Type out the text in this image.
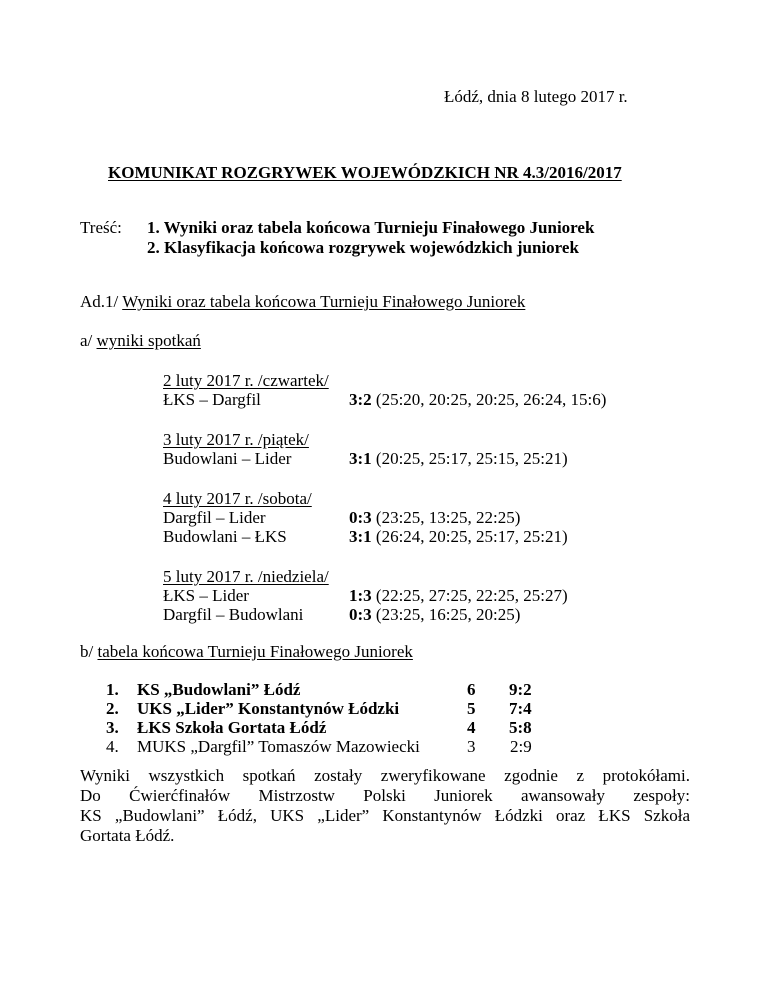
Łódź, dnia 8 lutego 2017 r.
KOMUNIKAT ROZGRYWEK WOJEWÓDZKICH NR 4.3/2016/2017
Treść: 1. Wyniki oraz tabela końcowa Turnieju Finałowego Juniorek
2. Klasyfikacja końcowa rozgrywek wojewódzkich juniorek
Ad.1/ Wyniki oraz tabela końcowa Turnieju Finałowego Juniorek
a/ wyniki spotkań
2 luty 2017 r. /czwartek/
ŁKS – Dargfil	3:2 (25:20, 20:25, 20:25, 26:24, 15:6)
3 luty 2017 r. /piątek/
Budowlani – Lider	3:1 (20:25, 25:17, 25:15, 25:21)
4 luty 2017 r. /sobota/
Dargfil – Lider	0:3 (23:25, 13:25, 22:25)
Budowlani – ŁKS	3:1 (26:24, 20:25, 25:17, 25:21)
5 luty 2017 r. /niedziela/
ŁKS – Lider	1:3 (22:25, 27:25, 22:25, 25:27)
Dargfil – Budowlani	0:3 (23:25, 16:25, 20:25)
b/ tabela końcowa Turnieju Finałowego Juniorek
1. KS „Budowlani” Łódź	6 9:2
2. UKS „Lider” Konstantynów Łódzki	5 7:4
3. ŁKS Szkoła Gortata Łódź	4 5:8
4. MUKS „Dargfil” Tomaszów Mazowiecki	3 2:9
Wyniki wszystkich spotkań zostały zweryfikowane zgodnie z protokółami.
Do Ćwierćfinałów Mistrzostw Polski Juniorek awansowały zespoły:
KS „Budowlani” Łódź, UKS „Lider” Konstantynów Łódzki oraz ŁKS Szkoła
Gortata Łódź.
